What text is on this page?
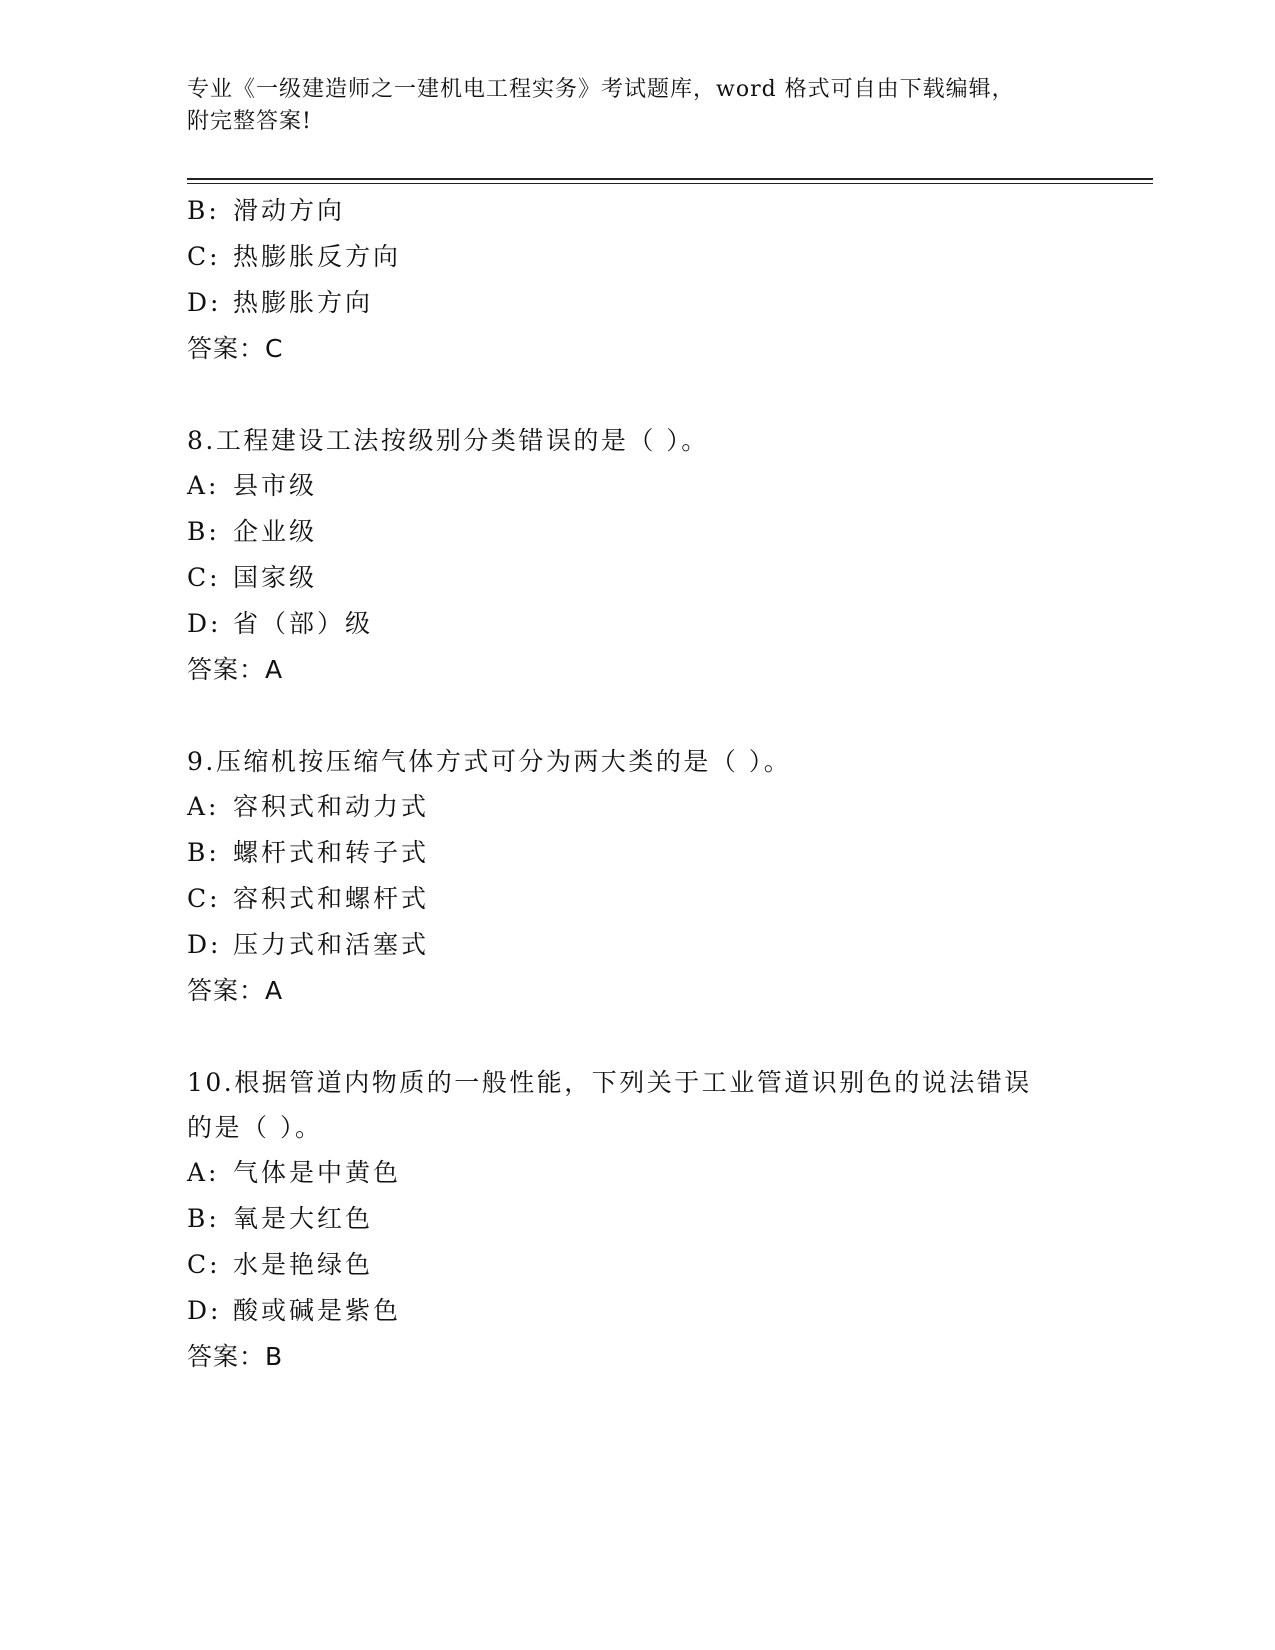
专业《一级建造师之一建机电工程实务》考试题库，word 格式可自由下载编辑，
附完整答案!
B: 滑动方向
C: 热膨胀反方向
D: 热膨胀方向
答案：C
8.工程建设工法按级别分类错误的是（ ）。
A: 县市级
B: 企业级
C: 国家级
D: 省（部）级
答案：A
9.压缩机按压缩气体方式可分为两大类的是（ ）。
A: 容积式和动力式
B: 螺杆式和转子式
C: 容积式和螺杆式
D: 压力式和活塞式
答案：A
10.根据管道内物质的一般性能，下列关于工业管道识别色的说法错误
的是（ ）。
A: 气体是中黄色
B: 氧是大红色
C: 水是艳绿色
D: 酸或碱是紫色
答案：B
